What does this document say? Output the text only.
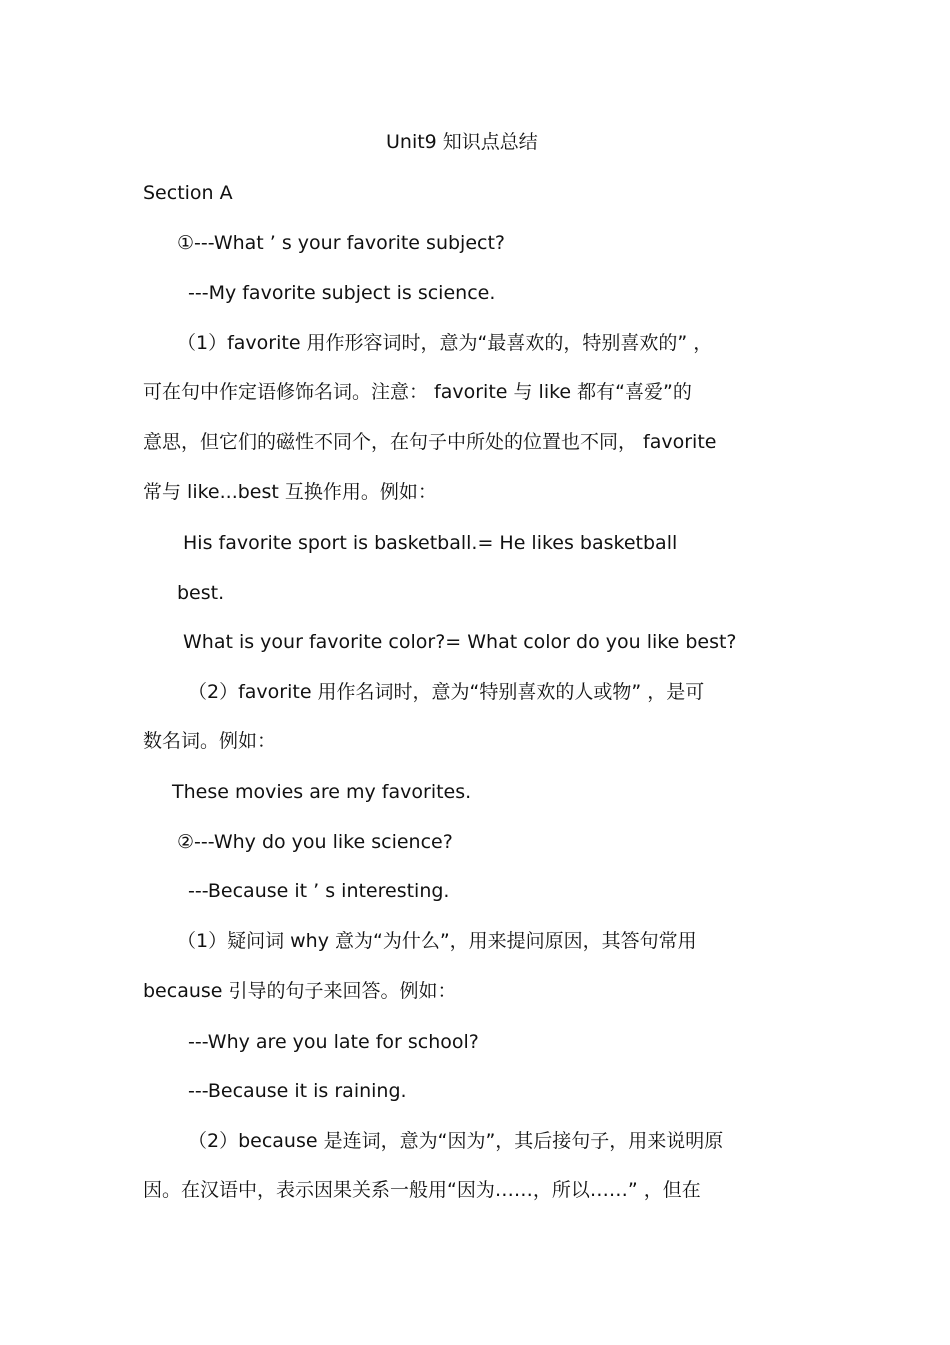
Unit9 知识点总结
Section A
①---What ’ s your favorite subject?
---My favorite subject is science.
（1）favorite 用作形容词时，意为“最喜欢的，特别喜欢的” ，
可在句中作定语修饰名词。注意： favorite 与 like 都有“喜爱”的
意思，但它们的磁性不同个，在句子中所处的位置也不同， favorite
常与 like...best 互换作用。例如：
His favorite sport is basketball.= He likes basketball
best.
What is your favorite color?= What color do you like best?
（2）favorite 用作名词时，意为“特别喜欢的人或物” ，是可
数名词。例如：
These movies are my favorites.
②---Why do you like science?
---Because it ’ s interesting.
（1）疑问词 why 意为“为什么”，用来提问原因，其答句常用
because 引导的句子来回答。例如：
---Why are you late for school?
---Because it is raining.
（2）because 是连词，意为“因为”，其后接句子，用来说明原
因。在汉语中，表示因果关系一般用“因为……，所以……” ，但在
